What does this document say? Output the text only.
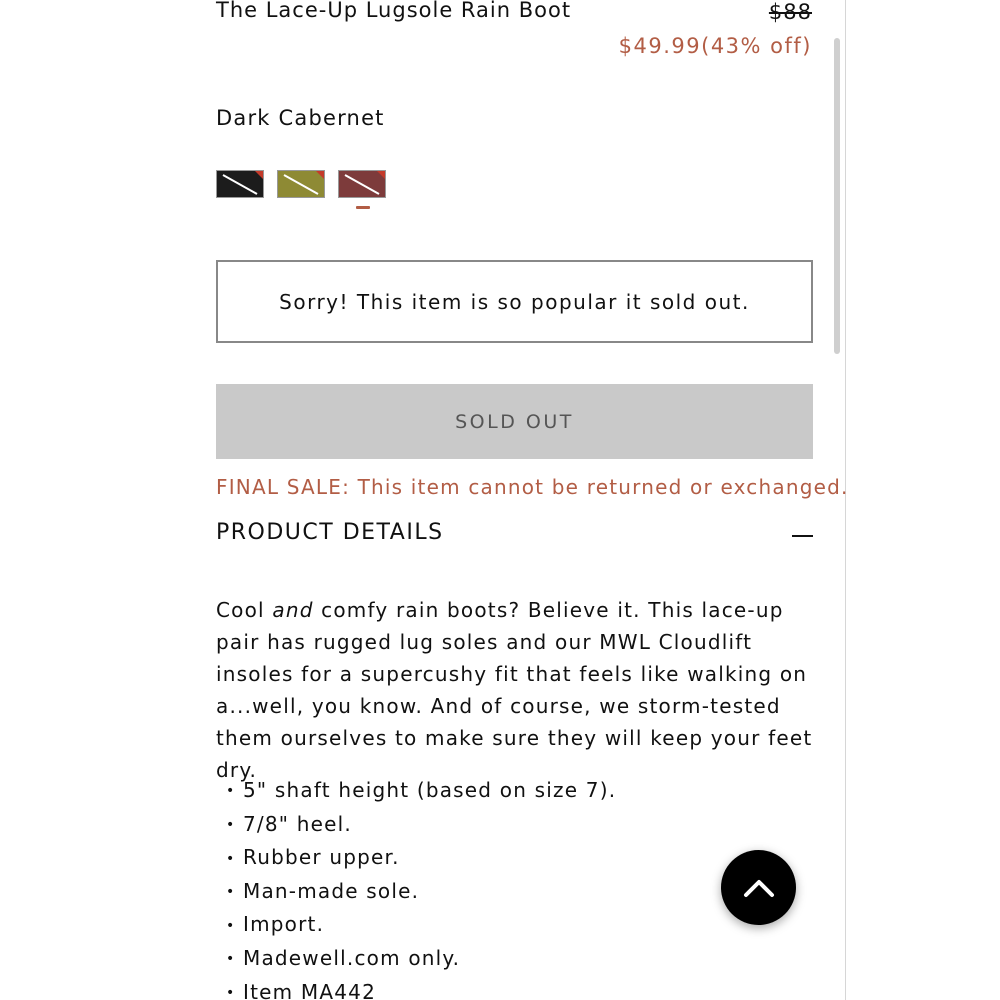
The Lace-Up Lugsole Rain Boot	$88
$49.99(43% off)
Dark Cabernet
Sorry! This item is so popular it sold out.
SOLD OUT
FINAL SALE: This item cannot be returned or exchanged.
PRODUCT DETAILS
Cool and comfy rain boots? Believe it. This lace-up pair has rugged lug soles and our MWL Cloudlift insoles for a supercushy fit that feels like walking on a...well, you know. And of course, we storm-tested them ourselves to make sure they will keep your feet dry.
• 5" shaft height (based on size 7).
• 7/8" heel.
• Rubber upper.
• Man-made sole.
• Import.
• Madewell.com only.
• Item MA442
